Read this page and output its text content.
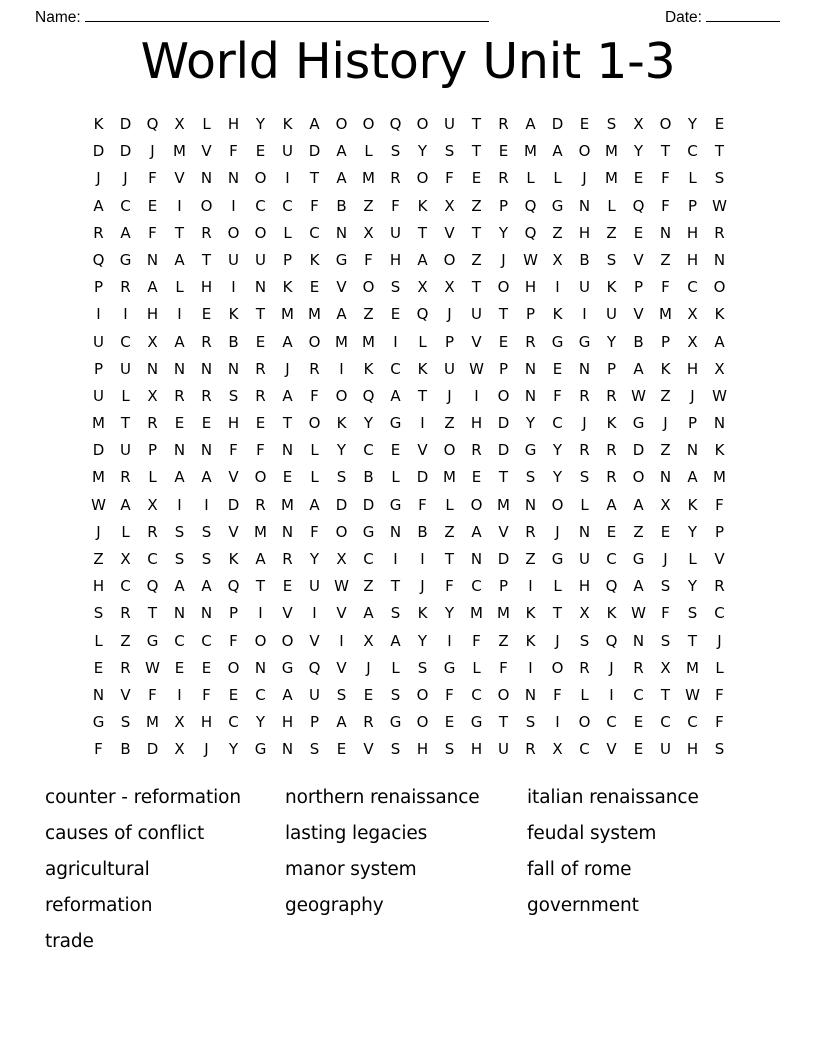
Name:	Date:
World History Unit 1-3
K	D	Q	X	L	H	Y	K	A	O	O	Q	O	U	T	R	A	D	E	S	X	O	Y	E
D	D	J	M	V	F	E	U	D	A	L	S	Y	S	T	E	M	A	O M	Y	T	C	T
J	J	F	V	N	N	O	I	T	A	M	R	O	F	E	R	L	L	J	M	E	F	L	S
A	C	E	I	O	I	C	C	F	B	Z	F	K	X	Z	P	Q	G	N	L	Q	F	P	W
R	A	F	T	R	O	O	L	C	N	X	U	T	V	T	Y	Q	Z	H	Z	E	N	H	R
Q	G	N	A	T	U	U	P	K	G	F	H	A	O	Z	J	W X	B	S	V	Z	H	N
P	R	A	L	H	I	N	K	E	V	O	S	X	X	T	O	H	I	U	K	P	F	C	O
I	I	H	I	E	K	T	M M	A	Z	E	Q	J	U	T	P	K	I	U	V	M	X	K
U	C	X	A	R	B	E	A	O M M	I	L	P	V	E	R	G	G	Y	B	P	X	A
P	U	N	N	N	N	R	J	R	I	K	C	K	U W	P	N	E	N	P	A	K	H	X
U	L	X	R	R	S	R	A	F	O	Q	A	T	J	I	O	N	F	R	R W Z	J	W
M	T	R	E	E	H	E	T	O	K	Y	G	I	Z	H	D	Y	C	J	K	G	J	P	N
D	U	P	N	N	F	F	N	L	Y	C	E	V	O	R	D	G	Y	R	R	D	Z	N	K
M	R	L	A	A	V	O	E	L	S	B	L	D M	E	T	S	Y	S	R	O	N	A	M
W A	X	I	I	D	R	M	A	D	D	G	F	L	O M N	O	L	A	A	X	K	F
J	L	R	S	S	V	M N	F	O	G	N	B	Z	A	V	R	J	N	E	Z	E	Y	P
Z	X	C	S	S	K	A	R	Y	X	C	I	I	T	N	D	Z	G	U	C	G	J	L	V
H	C	Q	A	A	Q	T	E	U W Z	T	J	F	C	P	I	L	H	Q	A	S	Y	R
S	R	T	N	N	P	I	V	I	V	A	S	K	Y	M M	K	T	X	K W	F	S	C
L	Z	G	C	C	F	O	O	V	I	X	A	Y	I	F	Z	K	J	S	Q	N	S	T	J
E	R W E	E	O	N	G	Q	V	J	L	S	G	L	F	I	O	R	J	R	X	M	L
N	V	F	I	F	E	C	A	U	S	E	S	O	F	C	O	N	F	L	I	C	T	W	F
G	S	M	X	H	C	Y	H	P	A	R	G	O	E	G	T	S	I	O	C	E	C	C	F
F	B	D	X	J	Y	G	N	S	E	V	S	H	S	H	U	R	X	C	V	E	U	H	S
counter - reformation	northern renaissance	italian renaissance
causes of conflict	lasting legacies	feudal system
agricultural	manor system	fall of rome
reformation	geography	government
trade
